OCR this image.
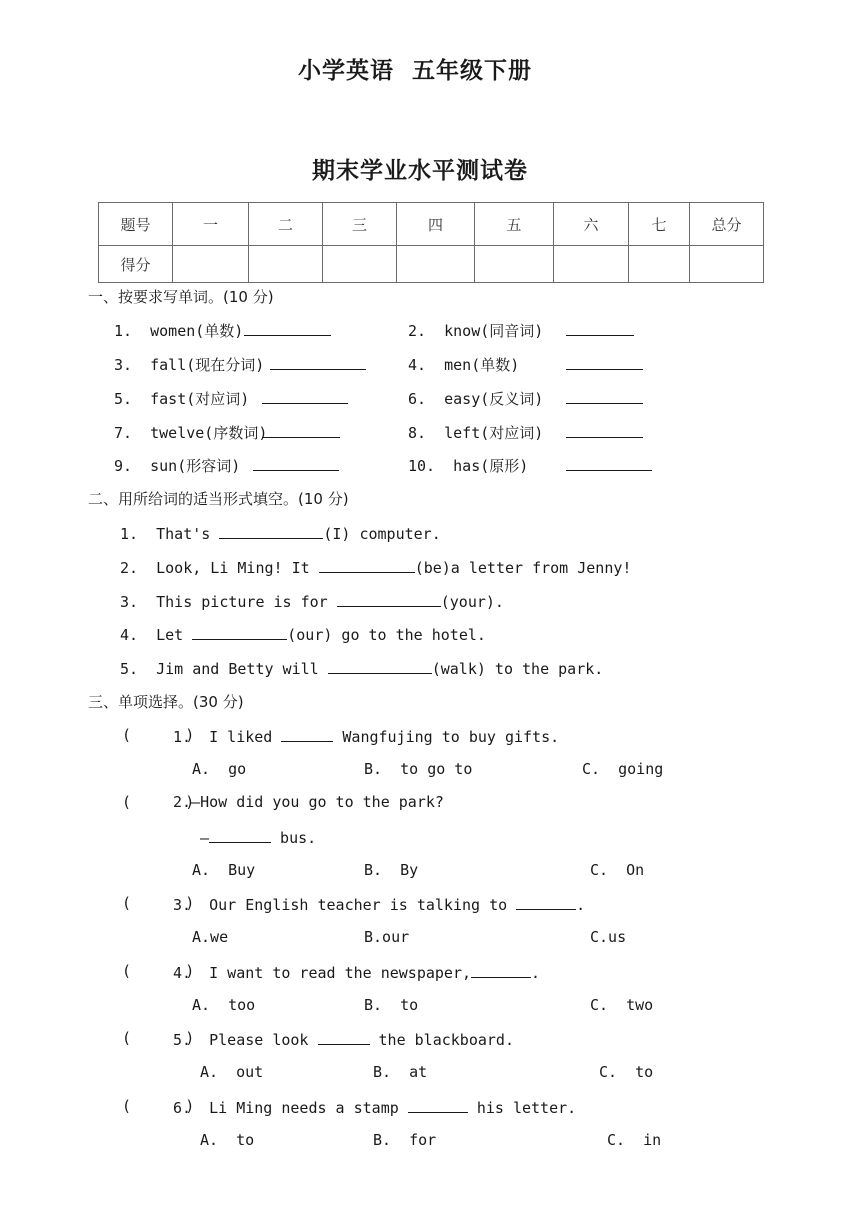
小学英语  五年级下册
期末学业水平测试卷
题号	一	二	三	四	五	六	七	总分
得分								
一、按要求写单词。(10 分)
1.  women(单数)	2.  know(同音词)
3.  fall(现在分词)	4.  men(单数)
5.  fast(对应词)	6.  easy(反义词)
7.  twelve(序数词)	8.  left(对应词)
9.  sun(形容词)	10.  has(原形)
二、用所给词的适当形式填空。(10 分)
1.  That's	(I) computer.
2.  Look, Li Ming! It	(be)a letter from Jenny!
3.  This picture is for	(your).
4.  Let	(our) go to the hotel.
5.  Jim and Betty will	(walk) to the park.
三、单项选择。(30 分)
(      )
1.  I liked	Wangfujing to buy gifts.
A.  go	B.  to go to	C.  going
(      )
2.—How did you go to the park?
—	bus.
A.  Buy	B.  By	C.  On
(      )
3.  Our English teacher is talking to	.
A.we	B.our	C.us
(      )
4.  I want to read the newspaper,	.
A.  too	B.  to	C.  two
(      )
5.  Please look	the blackboard.
A.  out	B.  at	C.  to
(      )
6.  Li Ming needs a stamp	his letter.
A.  to	B.  for	C.  in
